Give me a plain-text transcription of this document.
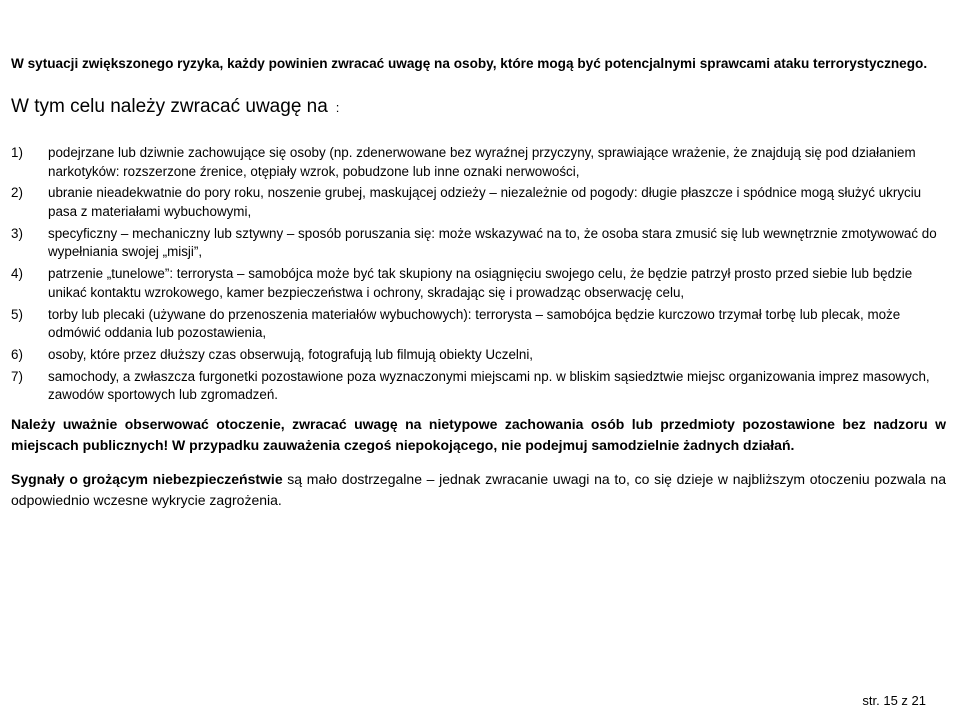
W sytuacji zwiększonego ryzyka, każdy powinien zwracać uwagę na osoby, które mogą być potencjalnymi sprawcami ataku terrorystycznego.
W tym celu należy zwracać uwagę na :
1) podejrzane lub dziwnie zachowujące się osoby (np. zdenerwowane bez wyraźnej przyczyny, sprawiające wrażenie, że znajdują się pod działaniem narkotyków: rozszerzone źrenice, otępiały wzrok, pobudzone lub inne oznaki nerwowości,
2) ubranie nieadekwatnie do pory roku, noszenie grubej, maskującej odzieży – niezależnie od pogody: długie płaszcze i spódnice mogą służyć ukryciu pasa z materiałami wybuchowymi,
3) specyficzny – mechaniczny lub sztywny – sposób poruszania się: może wskazywać na to, że osoba stara zmusić się lub wewnętrznie zmotywować do wypełniania swojej „misji”,
4) patrzenie „tunelowe”: terrorysta – samobójca może być tak skupiony na osiągnięciu swojego celu, że będzie patrzył prosto przed siebie lub będzie unikać kontaktu wzrokowego, kamer bezpieczeństwa i ochrony, skradając się i prowadząc obserwację celu,
5) torby lub plecaki (używane do przenoszenia materiałów wybuchowych): terrorysta – samobójca będzie kurczowo trzymał torbę lub plecak, może odmówić oddania lub pozostawienia,
6) osoby, które przez dłuższy czas obserwują, fotografują lub filmują obiekty Uczelni,
7) samochody, a zwłaszcza furgonetki pozostawione poza wyznaczonymi miejscami np. w bliskim sąsiedztwie miejsc organizowania imprez masowych, zawodów sportowych lub zgromadzeń.

Należy uważnie obserwować otoczenie, zwracać uwagę na nietypowe zachowania osób lub przedmioty pozostawione bez nadzoru w miejscach publicznych! W przypadku zauważenia czegoś niepokojącego, nie podejmuj samodzielnie żadnych działań.

Sygnały o grożącym niebezpieczeństwie są mało dostrzegalne – jednak zwracanie uwagi na to, co się dzieje w najbliższym otoczeniu pozwala na odpowiednio wczesne wykrycie zagrożenia.

str. 15 z 21
